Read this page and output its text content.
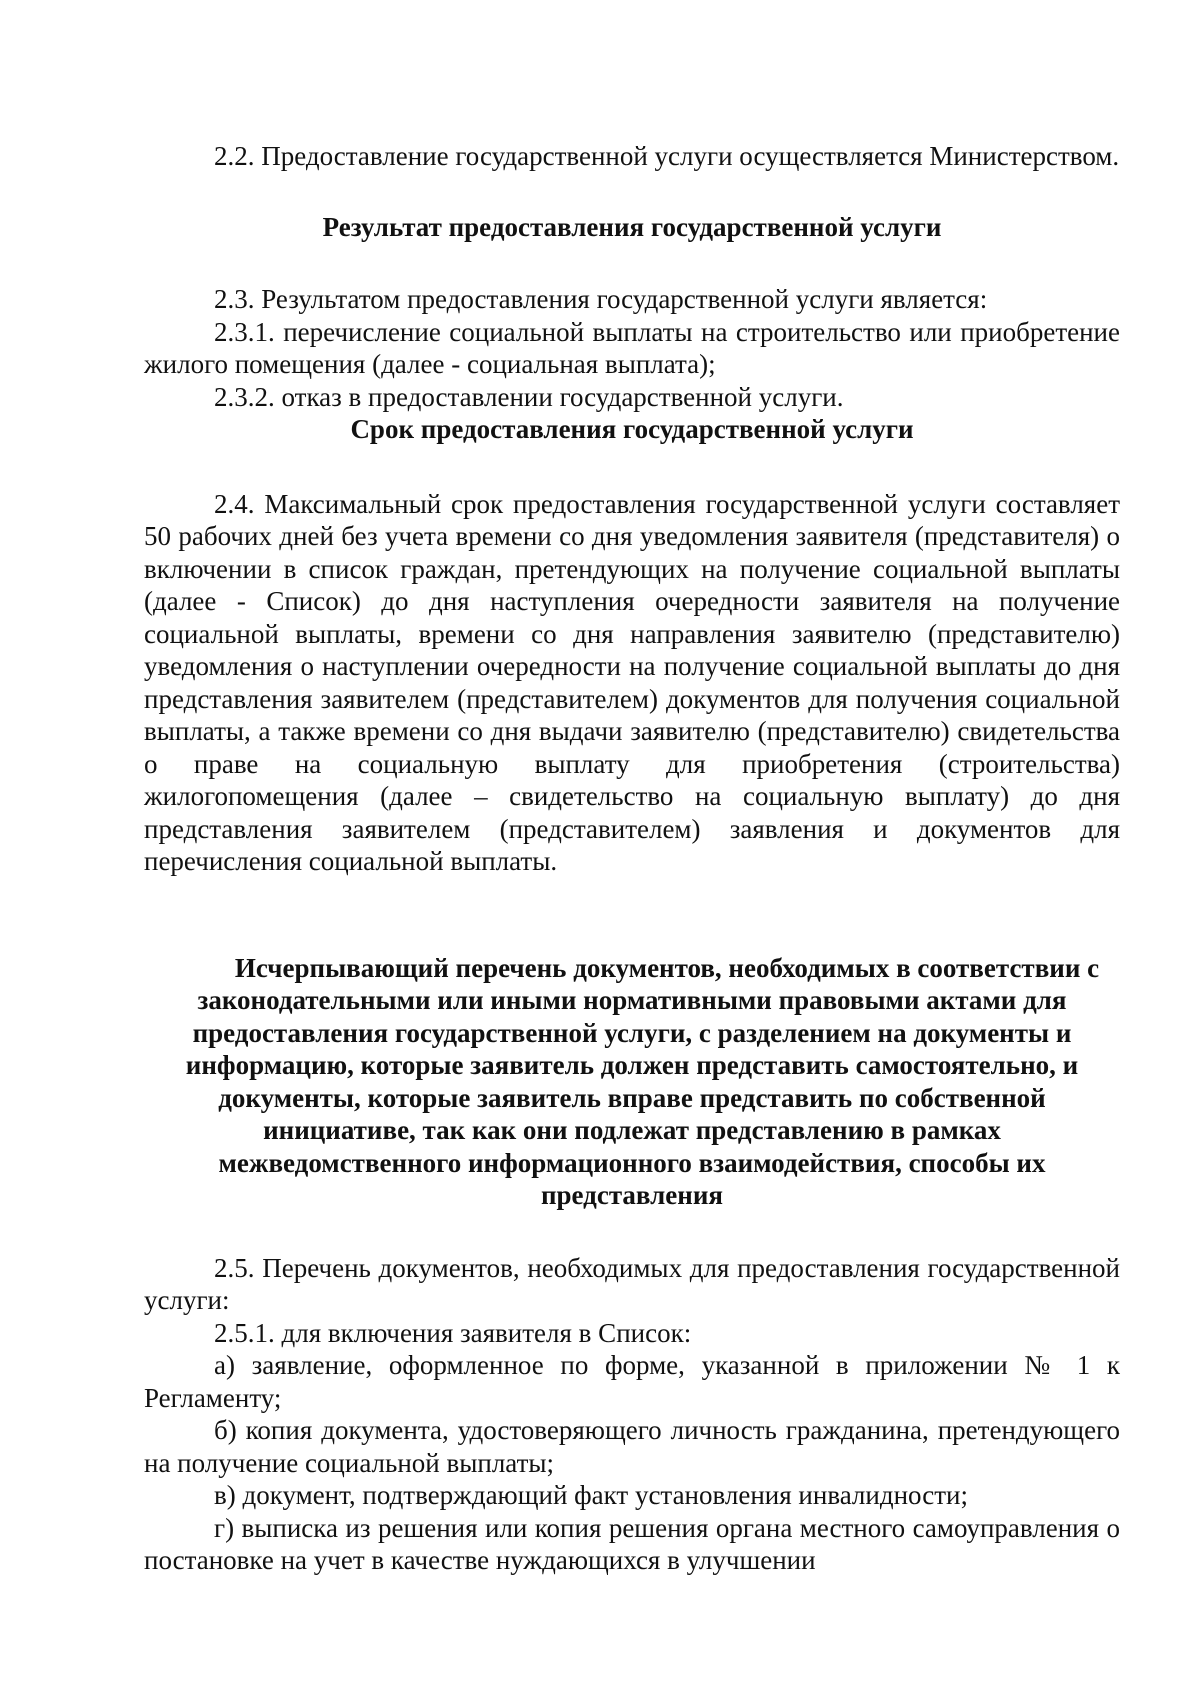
2.2. Предоставление государственной услуги осуществляется Министерством.

Результат предоставления государственной услуги

2.3. Результатом предоставления государственной услуги является:

2.3.1. перечисление социальной выплаты на строительство или приобретение жилого помещения (далее - социальная выплата);

2.3.2. отказ в предоставлении государственной услуги.

Срок предоставления государственной услуги

2.4. Максимальный срок предоставления государственной услуги составляет 50 рабочих дней без учета времени со дня уведомления заявителя (представителя) о включении в список граждан, претендующих на получение социальной выплаты (далее - Список) до дня наступления очередности заявителя на получение социальной выплаты, времени со дня направления заявителю (представителю) уведомления о наступлении очередности на получение социальной выплаты до дня представления заявителем (представителем) документов для получения социальной выплаты, а также времени со дня выдачи заявителю (представителю) свидетельства о праве на социальную выплату для приобретения (строительства) жилогопомещения (далее – свидетельство на социальную выплату) до дня представления заявителем (представителем) заявления и документов для перечисления социальной выплаты.

Исчерпывающий перечень документов, необходимых в соответствии с законодательными или иными нормативными правовыми актами для предоставления государственной услуги, с разделением на документы и информацию, которые заявитель должен представить самостоятельно, и документы, которые заявитель вправе представить по собственной инициативе, так как они подлежат представлению в рамках межведомственного информационного взаимодействия, способы их представления

2.5. Перечень документов, необходимых для предоставления государственной услуги:

2.5.1. для включения заявителя в Список:

а) заявление, оформленное по форме, указанной в приложении № 1 к Регламенту;

б) копия документа, удостоверяющего личность гражданина, претендующего на получение социальной выплаты;

в) документ, подтверждающий факт установления инвалидности;

г) выписка из решения или копия решения органа местного самоуправления о постановке на учет в качестве нуждающихся в улучшении
